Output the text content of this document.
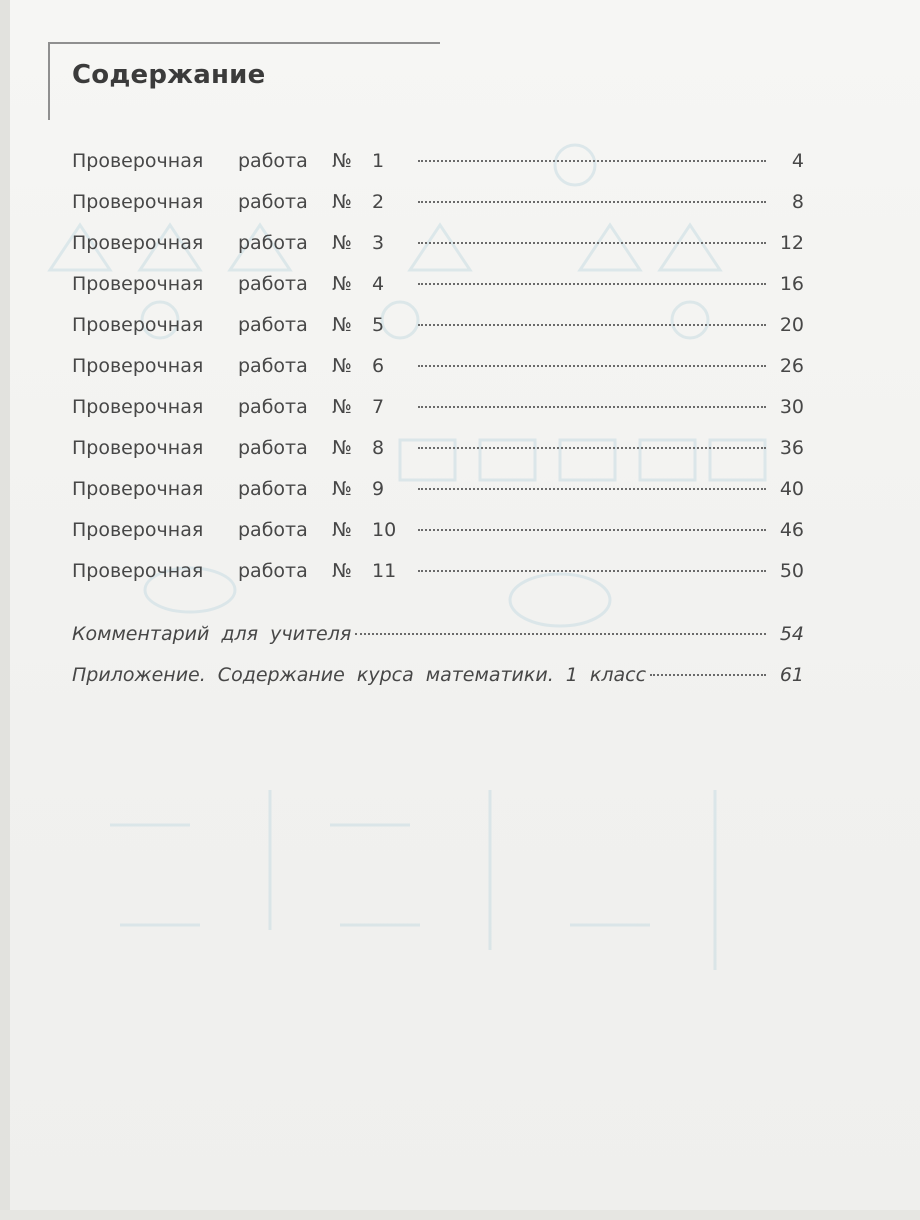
Содержание
Проверочная	работа	№	1	4
Проверочная	работа	№	2	8
Проверочная	работа	№	3	12
Проверочная	работа	№	4	16
Проверочная	работа	№	5	20
Проверочная	работа	№	6	26
Проверочная	работа	№	7	30
Проверочная	работа	№	8	36
Проверочная	работа	№	9	40
Проверочная	работа	№	10	46
Проверочная	работа	№	11	50
Комментарий для учителя	54
Приложение. Содержание курса математики. 1 класс	61
